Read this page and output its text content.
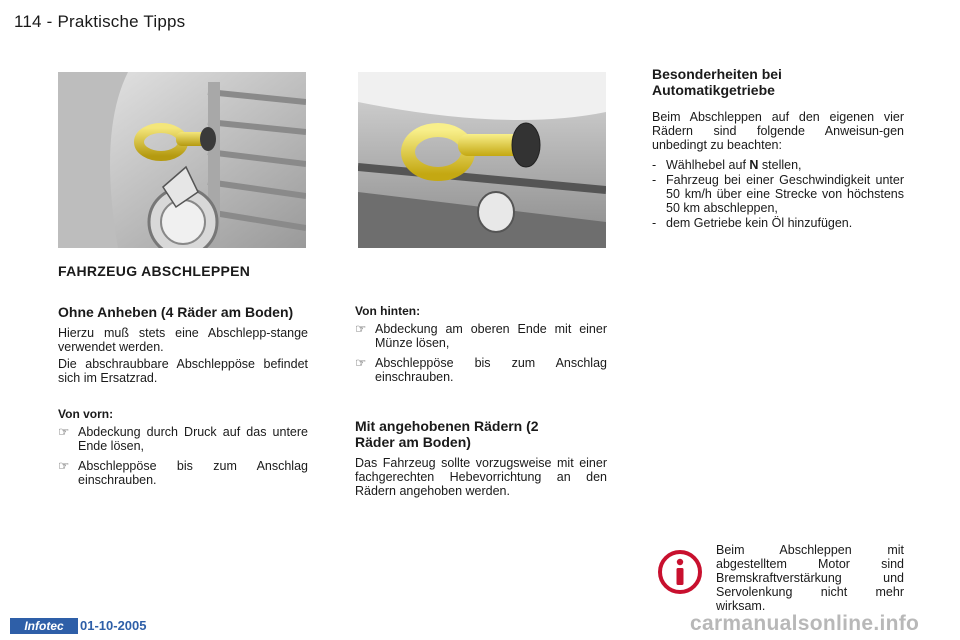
114 - Praktische Tipps
FAHRZEUG ABSCHLEPPEN
Ohne Anheben (4 Räder am Boden)

Hierzu muß stets eine Abschlepp-stange verwendet werden.

Die abschraubbare Abschleppöse befindet sich im Ersatzrad.

Von vorn:
☞ Abdeckung durch Druck auf das untere Ende lösen,
☞ Abschleppöse bis zum Anschlag einschrauben.
Von hinten:
☞ Abdeckung am oberen Ende mit einer Münze lösen,
☞ Abschleppöse bis zum Anschlag einschrauben.
Mit angehobenen Rädern (2 Räder am Boden)

Das Fahrzeug sollte vorzugsweise mit einer fachgerechten Hebevorrichtung an den Rädern angehoben werden.

Besonderheiten bei Automatikgetriebe

Beim Abschleppen auf den eigenen vier Rädern sind folgende Anweisun-gen unbedingt zu beachten:

- Wählhebel auf N stellen,
- Fahrzeug bei einer Geschwindigkeit unter 50 km/h über eine Strecke von höchstens 50 km abschleppen,
- dem Getriebe kein Öl hinzufügen.

Beim Abschleppen mit abgestelltem Motor sind Bremskraftverstärkung und Servolenkung nicht mehr wirksam.

Infotec	01-10-2005	carmanualsonline.info
